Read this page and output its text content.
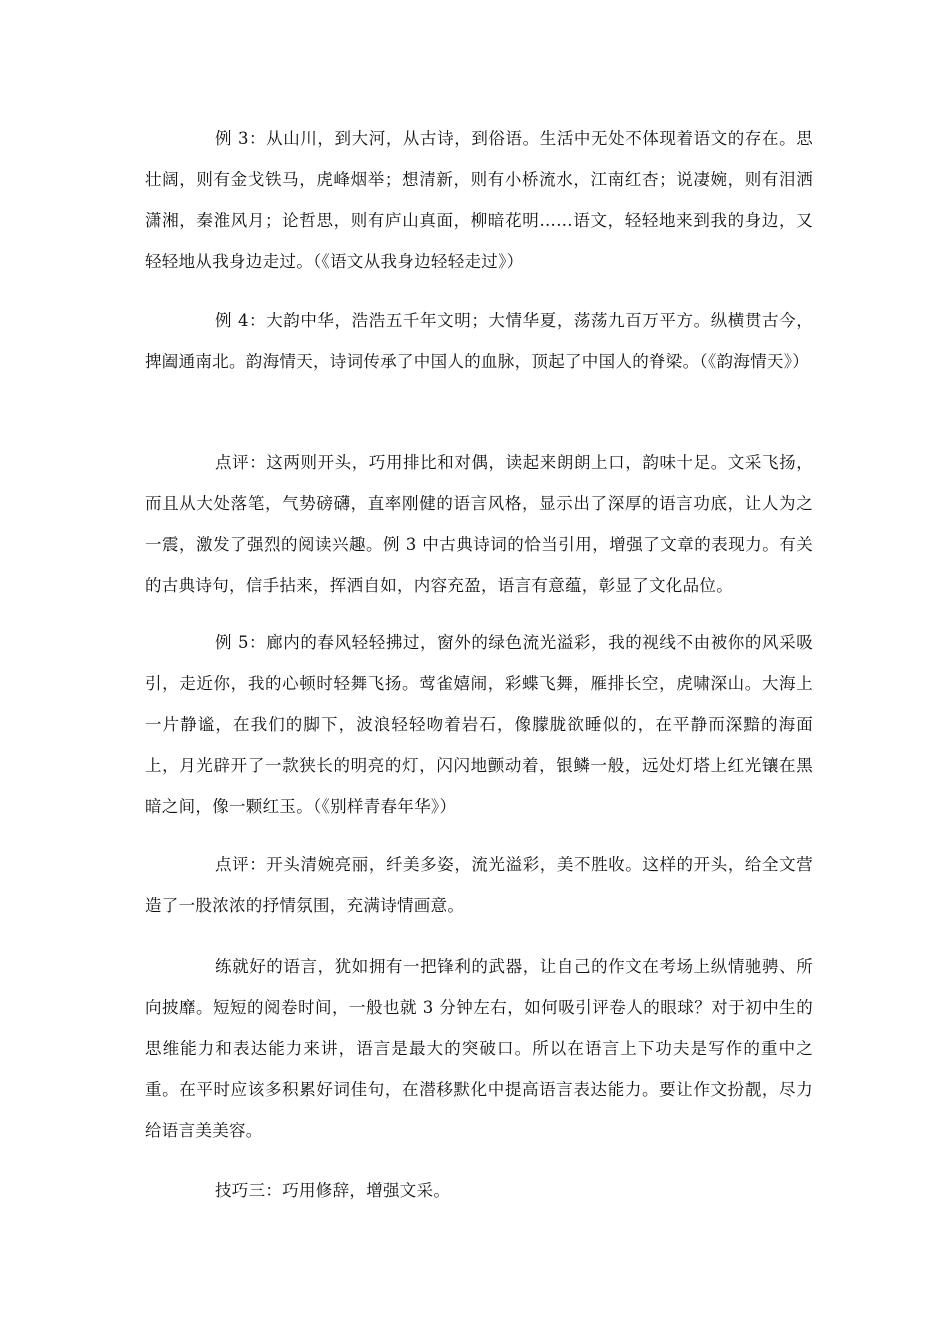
例 3：从山川，到大河，从古诗，到俗语。生活中无处不体现着语文的存在。思壮阔，则有金戈铁马，虎峰烟举；想清新，则有小桥流水，江南红杏；说凄婉，则有泪洒潇湘，秦淮风月；论哲思，则有庐山真面，柳暗花明……语文，轻轻地来到我的身边，又轻轻地从我身边走过。（《语文从我身边轻轻走过》）

例 4：大韵中华，浩浩五千年文明；大情华夏，荡荡九百万平方。纵横贯古今，捭阖通南北。韵海情天，诗词传承了中国人的血脉，顶起了中国人的脊梁。（《韵海情天》）

点评：这两则开头，巧用排比和对偶，读起来朗朗上口，韵味十足。文采飞扬，而且从大处落笔，气势磅礴，直率刚健的语言风格，显示出了深厚的语言功底，让人为之一震，激发了强烈的阅读兴趣。例 3 中古典诗词的恰当引用，增强了文章的表现力。有关的古典诗句，信手拈来，挥洒自如，内容充盈，语言有意蕴，彰显了文化品位。

例 5：廊内的春风轻轻拂过，窗外的绿色流光溢彩，我的视线不由被你的风采吸引，走近你，我的心顿时轻舞飞扬。莺雀嬉闹，彩蝶飞舞，雁排长空，虎啸深山。大海上一片静谧，在我们的脚下，波浪轻轻吻着岩石，像朦胧欲睡似的，在平静而深黯的海面上，月光辟开了一款狭长的明亮的灯，闪闪地颤动着，银鳞一般，远处灯塔上红光镶在黑暗之间，像一颗红玉。（《别样青春年华》）

点评：开头清婉亮丽，纤美多姿，流光溢彩，美不胜收。这样的开头，给全文营造了一股浓浓的抒情氛围，充满诗情画意。

练就好的语言，犹如拥有一把锋利的武器，让自己的作文在考场上纵情驰骋、所向披靡。短短的阅卷时间，一般也就 3 分钟左右，如何吸引评卷人的眼球？对于初中生的思维能力和表达能力来讲，语言是最大的突破口。所以在语言上下功夫是写作的重中之重。在平时应该多积累好词佳句，在潜移默化中提高语言表达能力。要让作文扮靓，尽力给语言美美容。

技巧三：巧用修辞，增强文采。
